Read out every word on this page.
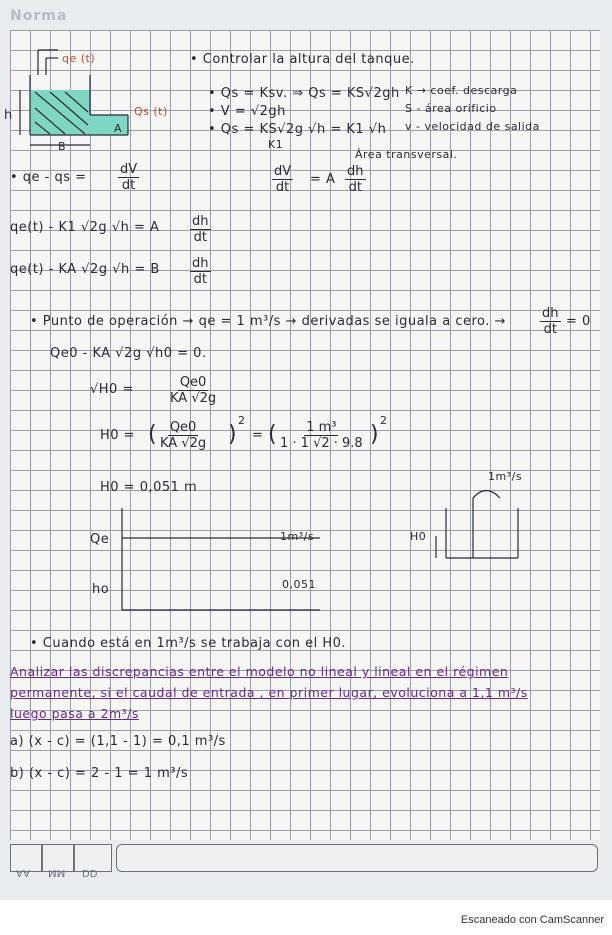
Norma
qe (t)
Qs (t)
h
B
A
• Controlar la altura del tanque.
• Qs = Ksv. ⇒ Qs = KS√2gh
• V = √2gh
• Qs = KS√2g √h = K1 √h
K1
K → coef. descarga
S - área orificio
v - velocidad de salida
Área transversal.
$\frac{dV}{dt} = A \frac{dh}{dt}$
• qe - qs = $\frac{dV}{dt}$
qe(t) - K1 √2g √h = A $\frac{dh}{dt}$
qe(t) - KA √2g √h = B $\frac{dh}{dt}$
• Punto de operación → qe = 1 m³/s → derivadas se iguala a cero. →	$\frac{dh}{dt} = 0$
Qe0 - KA √2g √h0 = 0.
√H0 =	$\frac{Qe0}{KA √2g}$
H0 = ( $\frac{Qe0}{KA √2g}$ )
2
= ( $\frac{\text{1 m³}}{1 \cdot 1 √2 \cdot 9.8}$ )
2
H0 = 0,051 m
Qe	1m³/s
ho	0,051
1m³/s
H0
• Cuando está en 1m³/s se trabaja con el H0.
Analizar las discrepancias entre el modelo no lineal y lineal en el régimen
permanente, si el caudal de entrada , en primer lugar, evoluciona a 1,1 m³/s
luego pasa a 2m³/s
a) (x - c) = (1,1 - 1) = 0,1 m³/s
b) (x - c) = 2 - 1 = 1 m³/s
AA MM DD
Escaneado con CamScanner
